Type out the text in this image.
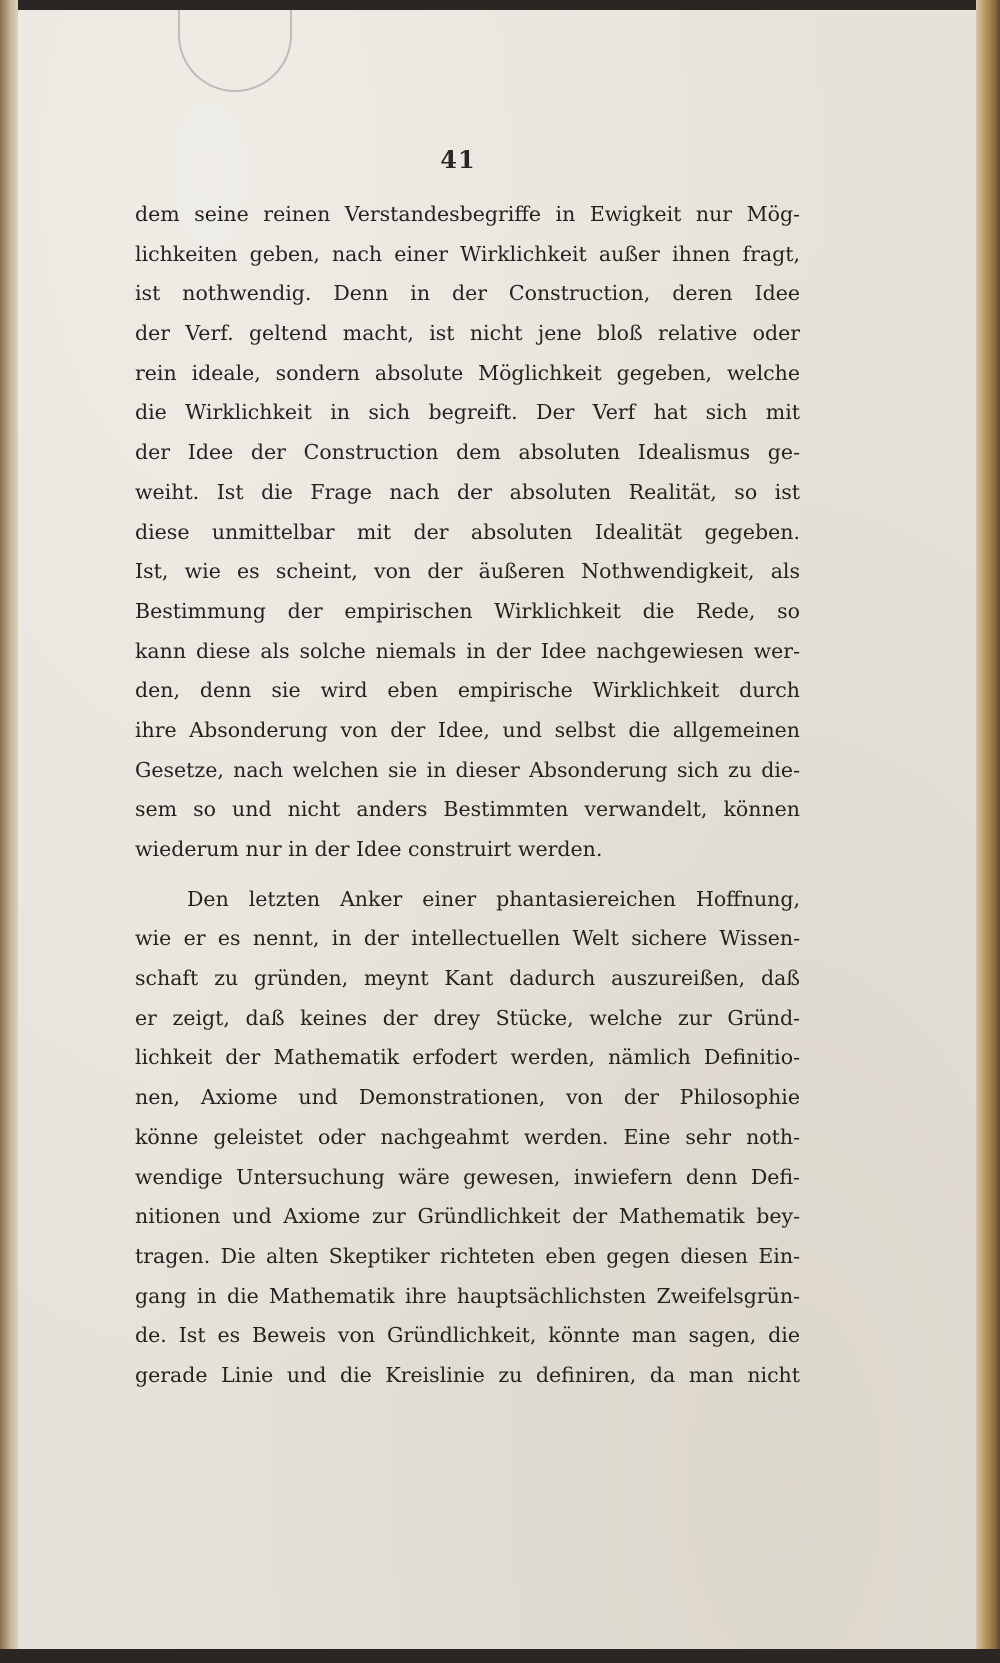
41
dem seine reinen Verstandesbegriffe in Ewigkeit nur Mög-
lichkeiten geben, nach einer Wirklichkeit außer ihnen fragt,
ist nothwendig. Denn in der Construction, deren Idee
der Verf. geltend macht, ist nicht jene bloß relative oder
rein ideale, sondern absolute Möglichkeit gegeben, welche
die Wirklichkeit in sich begreift. Der Verf hat sich mit
der Idee der Construction dem absoluten Idealismus ge-
weiht. Ist die Frage nach der absoluten Realität, so ist
diese unmittelbar mit der absoluten Idealität gegeben.
Ist, wie es scheint, von der äußeren Nothwendigkeit, als
Bestimmung der empirischen Wirklichkeit die Rede, so
kann diese als solche niemals in der Idee nachgewiesen wer-
den, denn sie wird eben empirische Wirklichkeit durch
ihre Absonderung von der Idee, und selbst die allgemeinen
Gesetze, nach welchen sie in dieser Absonderung sich zu die-
sem so und nicht anders Bestimmten verwandelt, können
wiederum nur in der Idee construirt werden.
Den letzten Anker einer phantasiereichen Hoffnung,
wie er es nennt, in der intellectuellen Welt sichere Wissen-
schaft zu gründen, meynt Kant dadurch auszureißen, daß
er zeigt, daß keines der drey Stücke, welche zur Gründ-
lichkeit der Mathematik erfodert werden, nämlich Definitio-
nen, Axiome und Demonstrationen, von der Philosophie
könne geleistet oder nachgeahmt werden. Eine sehr noth-
wendige Untersuchung wäre gewesen, inwiefern denn Defi-
nitionen und Axiome zur Gründlichkeit der Mathematik bey-
tragen. Die alten Skeptiker richteten eben gegen diesen Ein-
gang in die Mathematik ihre hauptsächlichsten Zweifelsgrün-
de. Ist es Beweis von Gründlichkeit, könnte man sagen, die
gerade Linie und die Kreislinie zu definiren, da man nicht
